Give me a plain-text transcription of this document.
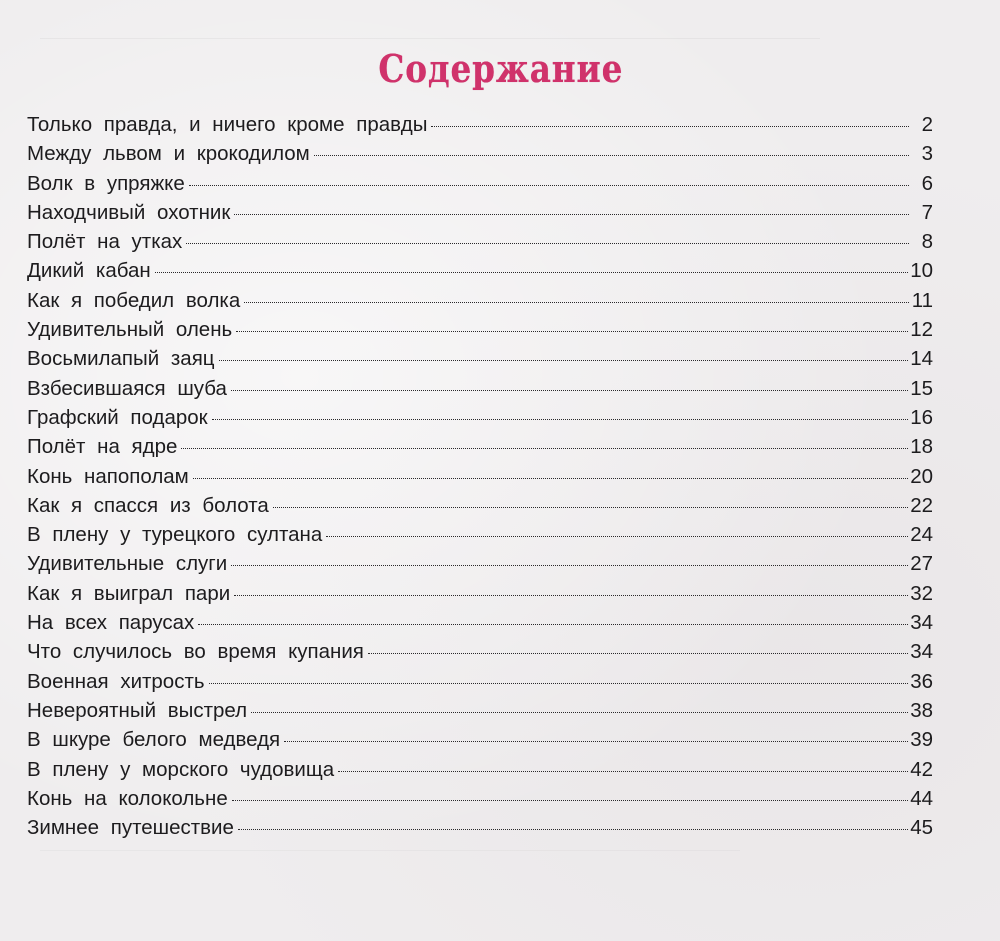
Содержание
Только правда, и ничего кроме правды	2
Между львом и крокодилом	3
Волк в упряжке	6
Находчивый охотник	7
Полёт на утках	8
Дикий кабан	10
Как я победил волка	11
Удивительный олень	12
Восьмилапый заяц	14
Взбесившаяся шуба	15
Графский подарок	16
Полёт на ядре	18
Конь напополам	20
Как я спасся из болота	22
В плену у турецкого султана	24
Удивительные слуги	27
Как я выиграл пари	32
На всех парусах	34
Что случилось во время купания	34
Военная хитрость	36
Невероятный выстрел	38
В шкуре белого медведя	39
В плену у морского чудовища	42
Конь на колокольне	44
Зимнее путешествие	45
